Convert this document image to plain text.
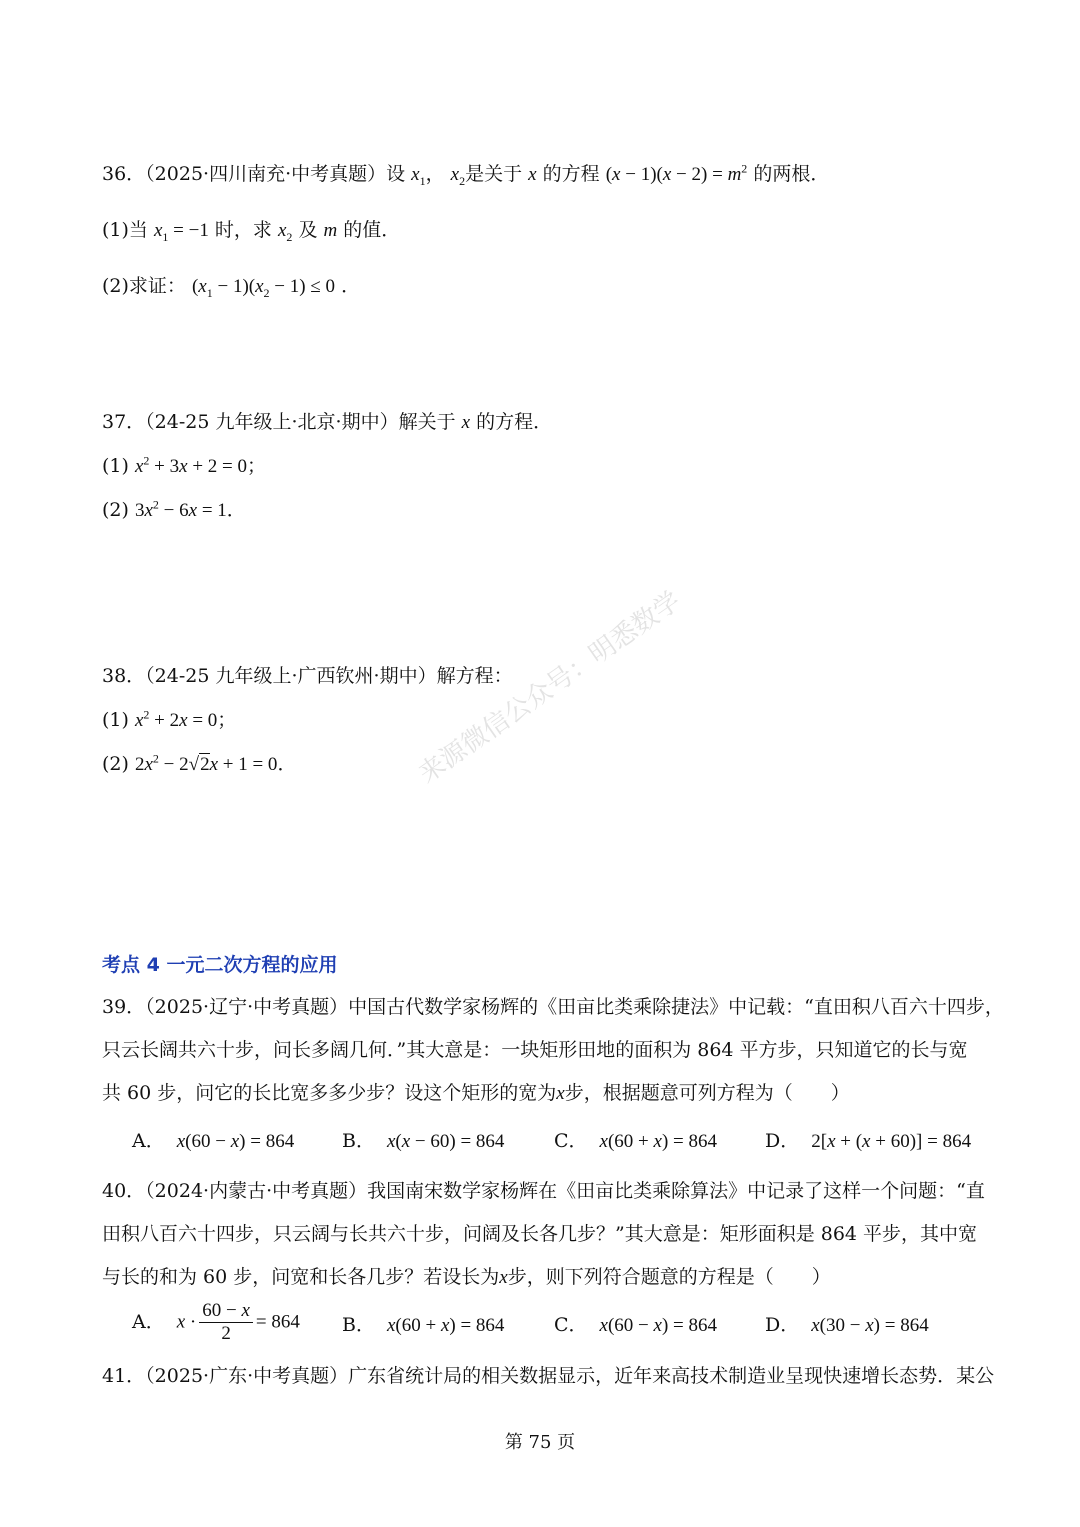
36．（2025·四川南充·中考真题）设 $x_1$， $x_2$是关于 x 的方程 $(x - 1)(x - 2) = m^2$ 的两根．
(1)当 $x_1 = -1$ 时，求 $x_2$ 及 m 的值．
(2)求证： $(x_1 - 1)(x_2 - 1) \le 0$ ．
37．（24-25 九年级上·北京·期中）解关于 x 的方程．
(1) $x^2 + 3x + 2 = 0$；
(2) $3x^2 - 6x = 1$．
38．（24-25 九年级上·广西钦州·期中）解方程：
(1) $x^2 + 2x = 0$；
(2) $2x^2 - 2√2x + 1 = 0$．	来源微信公众号：明悉数学
考点 4 一元二次方程的应用
39．（2025·辽宁·中考真题）中国古代数学家杨辉的《田亩比类乘除捷法》中记载：“直田积八百六十四步，
只云长阔共六十步，问长多阔几何．”其大意是：一块矩形田地的面积为 864 平方步，只知道它的长与宽
共 60 步，问它的长比宽多多少步？设这个矩形的宽为x步，根据题意可列方程为（　　）
A． x(60 − x) = 864	B． x(x − 60) = 864	C． x(60 + x) = 864	D． 2[x + (x + 60)] = 864
40．（2024·内蒙古·中考真题）我国南宋数学家杨辉在《田亩比类乘除算法》中记录了这样一个问题：“直
田积八百六十四步，只云阔与长共六十步，问阔及长各几步？”其大意是：矩形面积是 864 平步，其中宽
与长的和为 60 步，问宽和长各几步？若设长为x步，则下列符合题意的方程是（　　）
A． $x \cdot \frac{60 - x}{2} = 864$ B． x(60 + x) = 864	C． x(60 − x) = 864	D． x(30 − x) = 864
41．（2025·广东·中考真题）广东省统计局的相关数据显示，近年来高技术制造业呈现快速增长态势．某公
第 75 页
